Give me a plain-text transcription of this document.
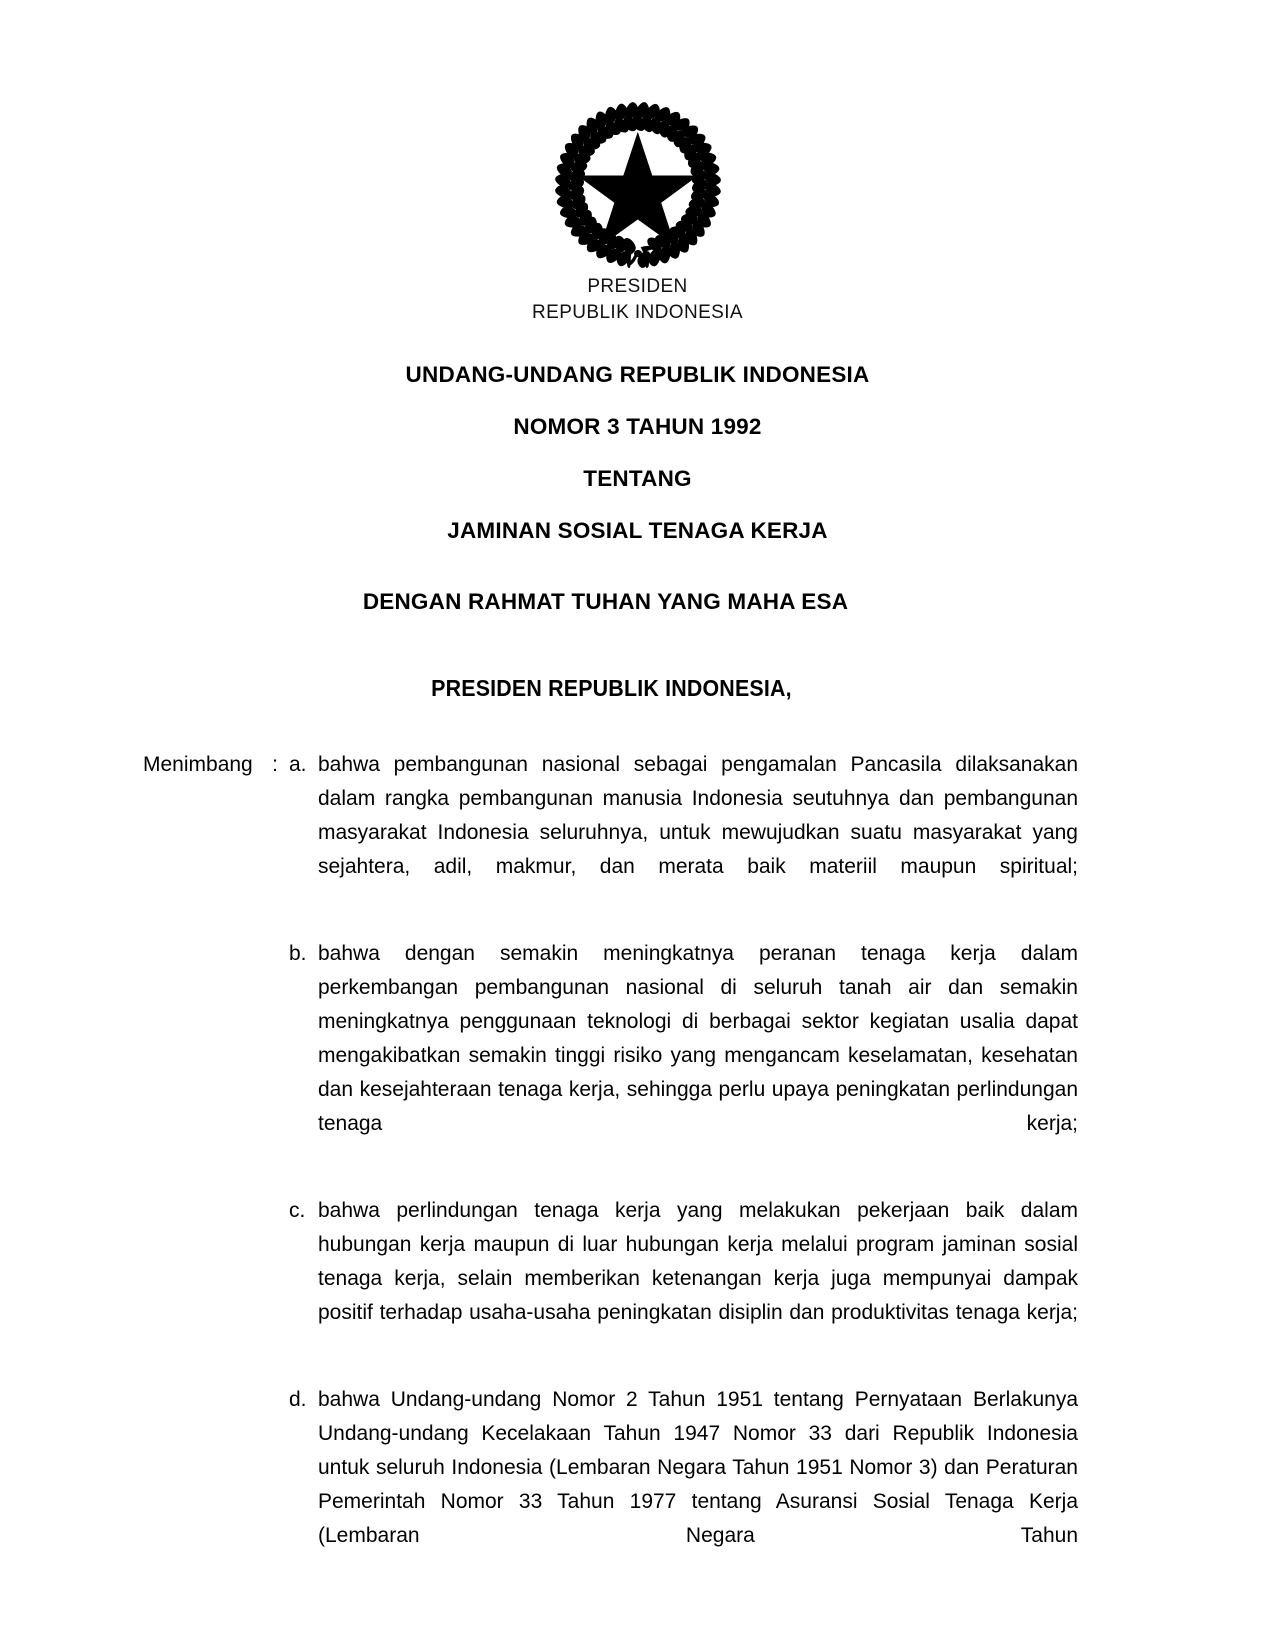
PRESIDEN
REPUBLIK INDONESIA
UNDANG-UNDANG REPUBLIK INDONESIA
NOMOR 3 TAHUN 1992
TENTANG
JAMINAN SOSIAL TENAGA KERJA
DENGAN RAHMAT TUHAN YANG MAHA ESA
PRESIDEN REPUBLIK INDONESIA,
Menimbang : a. bahwa pembangunan nasional sebagai pengamalan Pancasila dilaksanakan dalam rangka pembangunan manusia Indonesia seutuhnya dan pembangunan masyarakat Indonesia seluruhnya, untuk mewujudkan suatu masyarakat yang sejahtera, adil, makmur, dan merata baik materiil maupun spiritual;
b. bahwa dengan semakin meningkatnya peranan tenaga kerja dalam perkembangan pembangunan nasional di seluruh tanah air dan semakin meningkatnya penggunaan teknologi di berbagai sektor kegiatan usalia dapat mengakibatkan semakin tinggi risiko yang mengancam keselamatan, kesehatan dan kesejahteraan tenaga kerja, sehingga perlu upaya peningkatan perlindungan tenaga kerja;
c. bahwa perlindungan tenaga kerja yang melakukan pekerjaan baik dalam hubungan kerja maupun di luar hubungan kerja melalui program jaminan sosial tenaga kerja, selain memberikan ketenangan kerja juga mempunyai dampak positif terhadap usaha-usaha peningkatan disiplin dan produktivitas tenaga kerja;
d. bahwa Undang-undang Nomor 2 Tahun 1951 tentang Pernyataan Berlakunya Undang-undang Kecelakaan Tahun 1947 Nomor 33 dari Republik Indonesia untuk seluruh Indonesia (Lembaran Negara Tahun 1951 Nomor 3) dan Peraturan Pemerintah Nomor 33 Tahun 1977 tentang Asuransi Sosial Tenaga Kerja (Lembaran Negara Tahun
